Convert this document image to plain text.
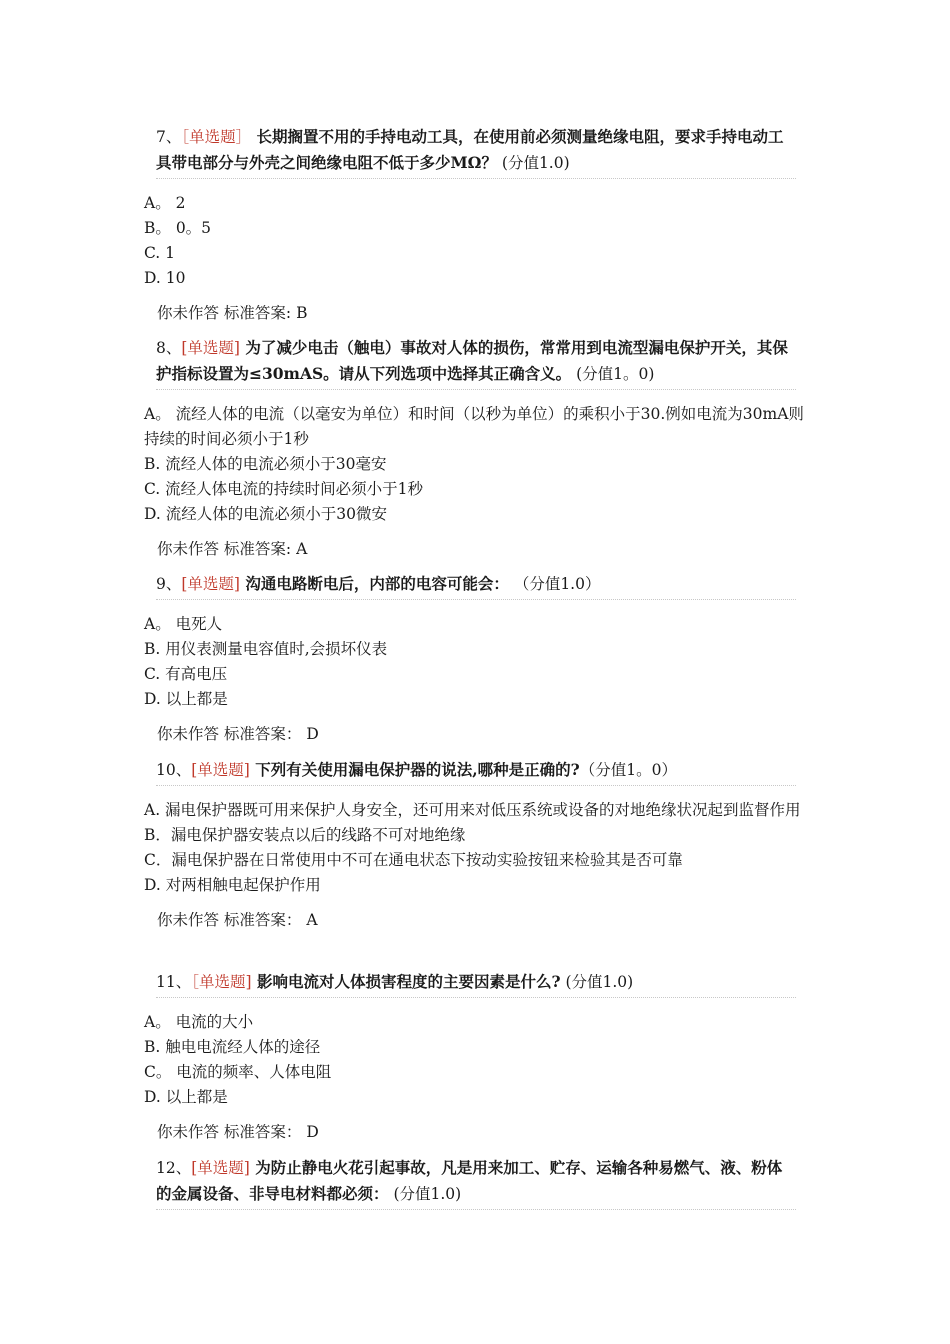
7、［单选题］ 长期搁置不用的手持电动工具，在使用前必须测量绝缘电阻，要求手持电动工具带电部分与外壳之间绝缘电阻不低于多少MΩ？ (分值1.0)
A。 2
B。 0。5
C. 1
D. 10
你未作答 标准答案: B
8、[单选题] 为了减少电击（触电）事故对人体的损伤，常常用到电流型漏电保护开关，其保护指标设置为≤30mAS。请从下列选项中选择其正确含义。 (分值1。0)
A。 流经人体的电流（以毫安为单位）和时间（以秒为单位）的乘积小于30.例如电流为30mA则持续的时间必须小于1秒
B. 流经人体的电流必须小于30毫安
C. 流经人体电流的持续时间必须小于1秒
D. 流经人体的电流必须小于30微安
你未作答 标准答案: A
9、[单选题] 沟通电路断电后，内部的电容可能会： （分值1.0）
A。 电死人
B. 用仪表测量电容值时,会损坏仪表
C. 有高电压
D. 以上都是
你未作答 标准答案： D
10、[单选题] 下列有关使用漏电保护器的说法,哪种是正确的?（分值1。0）
A. 漏电保护器既可用来保护人身安全，还可用来对低压系统或设备的对地绝缘状况起到监督作用
B．漏电保护器安装点以后的线路不可对地绝缘
C．漏电保护器在日常使用中不可在通电状态下按动实验按钮来检验其是否可靠
D. 对两相触电起保护作用
你未作答 标准答案： A
11、［单选题] 影响电流对人体损害程度的主要因素是什么? (分值1.0)
A。 电流的大小
B. 触电电流经人体的途径
C。 电流的频率、人体电阻
D. 以上都是
你未作答 标准答案： D
12、[单选题] 为防止静电火花引起事故，凡是用来加工、贮存、运输各种易燃气、液、粉体的金属设备、非导电材料都必须： (分值1.0)
